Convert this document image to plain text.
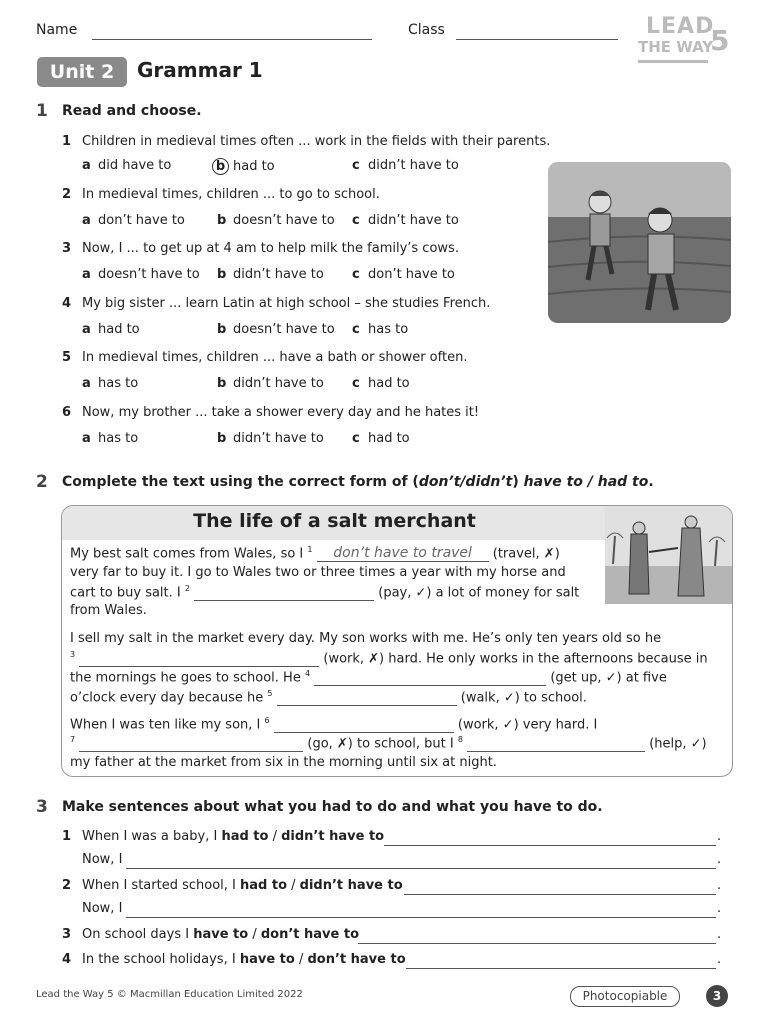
Name	Class	LEAD
THE WAY
5
Unit 2	Grammar 1
1 Read and choose.
1 Children in medieval times often ... work in the fields with their parents.
a did have to	b had to	c didn’t have to
2 In medieval times, children ... to go to school.
a don’t have to b doesn’t have to c didn’t have to
3 Now, I ... to get up at 4 am to help milk the family’s cows.
a doesn’t have to b didn’t have to c don’t have to
4 My big sister ... learn Latin at high school – she studies French.
a had to	b doesn’t have to c has to
5 In medieval times, children ... have a bath or shower often.
a has to	b didn’t have to c had to
6 Now, my brother ... take a shower every day and he hates it!
a has to	b didn’t have to c had to
2 Complete the text using the correct form of (don’t/didn’t) have to / had to.
The life of a salt merchant
My best salt comes from Wales, so I $^1$ don’t have to travel (travel, ✗)
very far to buy it. I go to Wales two or three times a year with my horse and
cart to buy salt. I $^2$	(pay, ✓) a lot of money for salt
from Wales.
I sell my salt in the market every day. My son works with me. He’s only ten years old so he
$^3$	(work, ✗) hard. He only works in the afternoons because in
the mornings he goes to school. He $^4$	(get up, ✓) at five
o’clock every day because he $^5$	(walk, ✓) to school.
When I was ten like my son, I $^6$	(work, ✓) very hard. I
$^7$	(go, ✗) to school, but I $^8$	(help, ✓)
my father at the market from six in the morning until six at night.
3 Make sentences about what you had to do and what you have to do.
1 When I was a baby, I had to / didn’t have to	.
Now, I	.
2 When I started school, I had to / didn’t have to	.
Now, I	.
3 On school days I have to / don’t have to	.
4 In the school holidays, I have to / don’t have to	.
Lead the Way 5 © Macmillan Education Limited 2022	Photocopiable	3
